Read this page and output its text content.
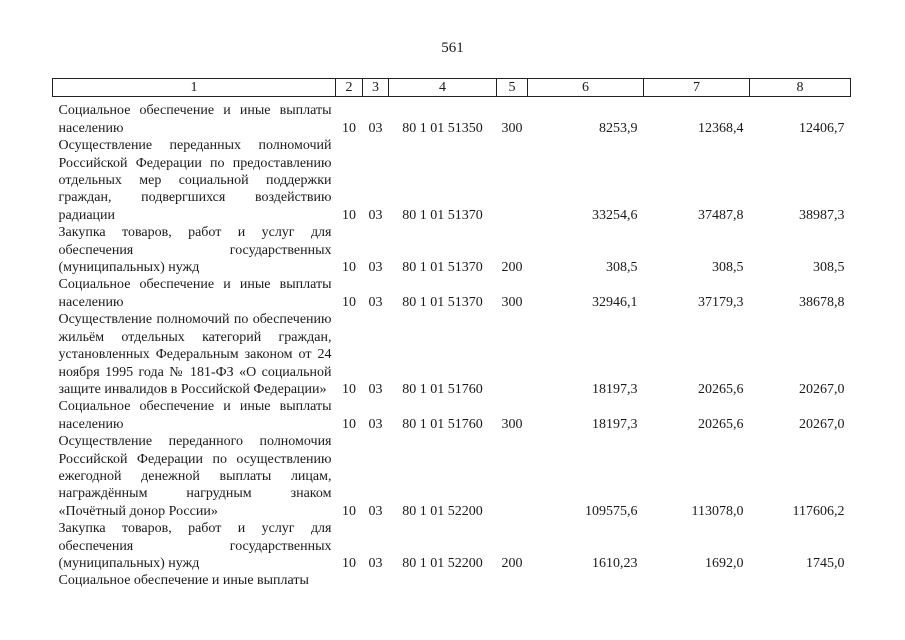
561
1	2	3	4	5	6	7	8

Социальное обеспечение и иные выплаты населению	10	03	80 1 01 51350	300	8253,9	12368,4	12406,7
Осуществление переданных полномочий Российской Федерации по предоставлению отдельных мер социальной поддержки граждан, подвергшихся воздействию радиации	10	03	80 1 01 51370		33254,6	37487,8	38987,3
Закупка товаров, работ и услуг для обеспечения государственных (муниципальных) нужд	10	03	80 1 01 51370	200	308,5	308,5	308,5
Социальное обеспечение и иные выплаты населению	10	03	80 1 01 51370	300	32946,1	37179,3	38678,8
Осуществление полномочий по обеспечению жильём отдельных категорий граждан, установленных Федеральным законом от 24 ноября 1995 года № 181-ФЗ «О социальной защите инвалидов в Российской Федерации»	10	03	80 1 01 51760		18197,3	20265,6	20267,0
Социальное обеспечение и иные выплаты населению	10	03	80 1 01 51760	300	18197,3	20265,6	20267,0
Осуществление переданного полномочия Российской Федерации по осуществлению ежегодной денежной выплаты лицам, награждённым нагрудным знаком «Почётный донор России»	10	03	80 1 01 52200		109575,6	113078,0	117606,2
Закупка товаров, работ и услуг для обеспечения государственных (муниципальных) нужд	10	03	80 1 01 52200	200	1610,23	1692,0	1745,0
Социальное обеспечение и иные выплаты							
